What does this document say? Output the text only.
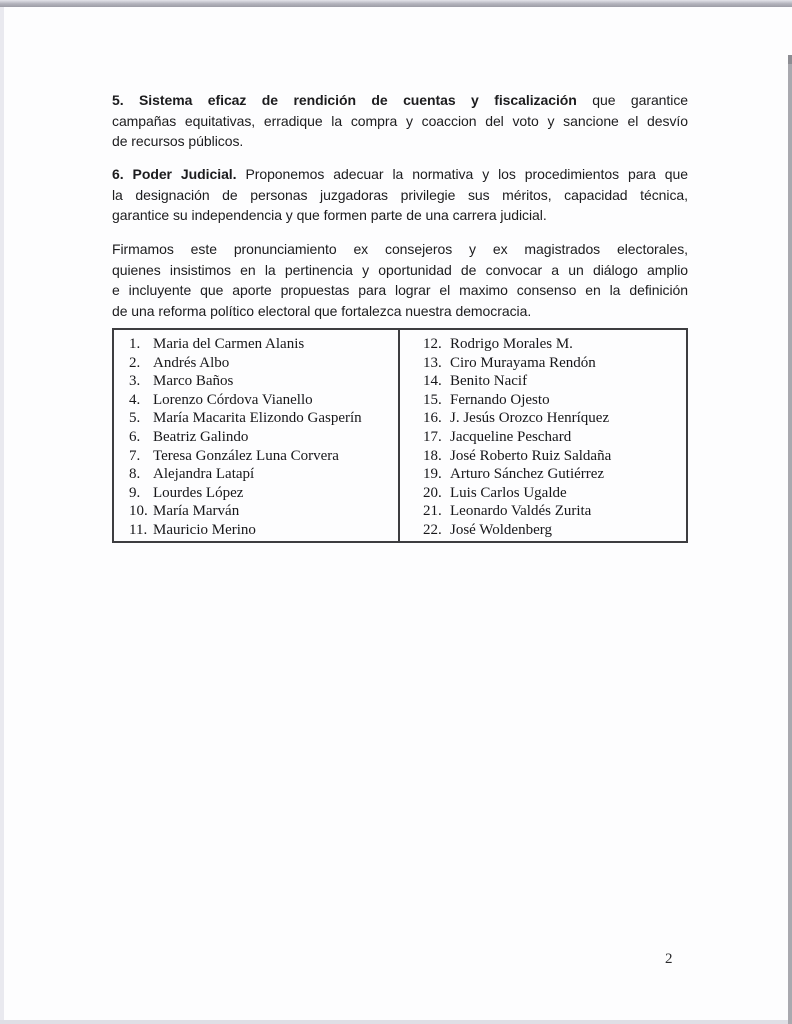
5. Sistema eficaz de rendición de cuentas y fiscalización que garantice
campañas equitativas, erradique la compra y coaccion del voto y sancione el desvío
de recursos públicos.
6. Poder Judicial. Proponemos adecuar la normativa y los procedimientos para que
la designación de personas juzgadoras privilegie sus méritos, capacidad técnica,
garantice su independencia y que formen parte de una carrera judicial.
Firmamos este pronunciamiento ex consejeros y ex magistrados electorales,
quienes insistimos en la pertinencia y oportunidad de convocar a un diálogo amplio
e incluyente que aporte propuestas para lograr el maximo consenso en la definición
de una reforma político electoral que fortalezca nuestra democracia.
1. Maria del Carmen Alanis
2. Andrés Albo
3. Marco Baños
4. Lorenzo Córdova Vianello
5. María Macarita Elizondo Gasperín
6. Beatriz Galindo
7. Teresa González Luna Corvera
8. Alejandra Latapí
9. Lourdes López
10. María Marván
11. Mauricio Merino
12. Rodrigo Morales M.
13. Ciro Murayama Rendón
14. Benito Nacif
15. Fernando Ojesto
16. J. Jesús Orozco Henríquez
17. Jacqueline Peschard
18. José Roberto Ruiz Saldaña
19. Arturo Sánchez Gutiérrez
20. Luis Carlos Ugalde
21. Leonardo Valdés Zurita
22. José Woldenberg
2
